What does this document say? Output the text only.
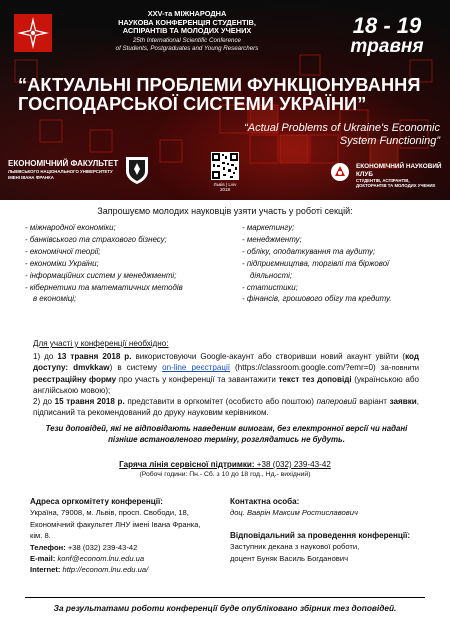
XXV-та МІЖНАРОДНА
НАУКОВА КОНФЕРЕНЦІЯ СТУДЕНТІВ,
АСПІРАНТІВ ТА МОЛОДИХ УЧЕНИХ
25th International Scientific Conference
of Students, Postgraduates and Young Researchers
18 - 19
травня
“АКТУАЛЬНІ ПРОБЛЕМИ ФУНКЦІОНУВАННЯ
ГОСПОДАРСЬКОЇ СИСТЕМИ УКРАЇНИ”
“Actual Problems of Ukraine's Economic
System Functioning”
ЕКОНОМІЧНИЙ ФАКУЛЬТЕТ
ЛЬВІВСЬКОГО НАЦІОНАЛЬНОГО УНІВЕРСИТЕТУ
ІМЕНІ ІВАНА ФРАНКА
Львів | Lviv
2018
ЕКОНОМІЧНИЙ НАУКОВИЙ КЛУБ
СТУДЕНТІВ, АСПІРАНТІВ,
ДОКТОРАНТІВ ТА МОЛОДИХ УЧЕНИХ
Запрошуємо молодих науковців узяти участь у роботі секцій:
- міжнародної економіки;
- банківського та страхового бізнесу;
- економічної теорії;
- економіки України;
- інформаційних систем у менеджменті;
- кібернетики та математичних методів
в економіці;
- маркетингу;
- менеджменту;
- обліку, оподаткування та аудиту;
- підприємництва, торгівлі та біржової
діяльності;
- статистики;
- фінансів, грошового обігу та кредиту.
Для участі у конференції необхідно:
1) до 13 травня 2018 р. використовуючи Google-акаунт або створивши новий акаунт увійти (код доступу: dmvkkaw) в систему on-line реєстрації (https://classroom.google.com/?emr=0) за-повнити реєстраційну форму про участь у конференції та завантажити текст тез доповіді (українською або англійською мовою);
2) до 15 травня 2018 р. представити в оргкомітет (особисто або поштою) паперовий варіант заявки, підписаний та рекомендований до друку науковим керівником.
Тези доповідей, які не відповідають наведеним вимогам, без електронної версії чи надані
пізніше встановленого терміну, розглядатись не будуть.
Гаряча лінія сервісної підтримки: +38 (032) 239-43-42
(Робочі години: Пн.- Сб. з 10 до 18 год., Нд.- вихідний)
Адреса оргкомітету конференції:
Україна, 79008, м. Львів, просп. Свободи, 18,
Економічний факультет ЛНУ імені Івана Франка,
кім. 8.
Телефон: +38 (032) 239-43-42
E-mail: konf@econom.lnu.edu.ua
Internet: http://econom.lnu.edu.ua/
Контактна особа:
доц. Ваврін Максим Ростиславович
Відповідальний за проведення конференції:
Заступник декана з наукової роботи,
доцент Буняк Василь Богданович
За результатами роботи конференції буде опубліковано збірник тез доповідей.
